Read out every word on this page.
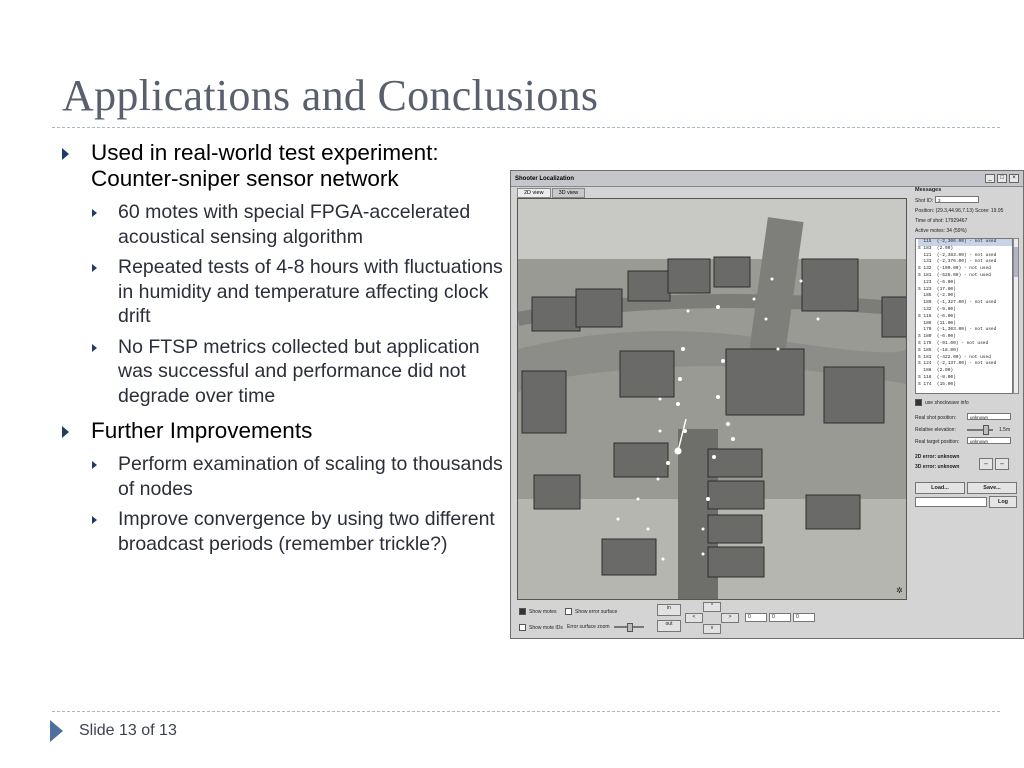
Applications and Conclusions
Used in real-world test experiment: Counter-sniper sensor network
60 motes with special FPGA-accelerated acoustical sensing algorithm
Repeated tests of 4-8 hours with fluctuations in humidity and temperature affecting clock drift
No FTSP metrics collected but application was successful and performance did not degrade over time
Further Improvements
Perform examination of scaling to thousands of nodes
Improve convergence by using two different broadcast periods (remember trickle?)
Shooter Localization	_	□	×
2D view	3D view
✲
Show motes	Show error surface
Show mote IDs Error surface zoom
in
out
^
<	>
v
0	0	0
Messages
Shot ID:	3
Position: (29.3,44.96,7.13) Score: 19.95
Time of shot: 17929467
Active motes: 34 (59%)
115  (-2,306.00) - not used
S 183  (2.00)
121  (-2,383.00) - not used
131  (-2,376.00) - not used
S 132  (-109.00) - not used
S 181  (-526.00) - not used
123  (-6.00)
S 123  (17.00)
185  (-2.00)
189  (-1,327.00) - not used
132  (-9.00)
S 118  (-6.00)
186  (11.00)
170  (-1,303.00) - not used
S 180  (-6.00)
S 175  (-91.00) - not used
S 185  (-18.00)
S 181  (-422.00) - not used
S 124  (-2,137.00) - not used
188  (2.00)
S 118  (-8.00)
S 174  (15.00)
use shockwave info
Real shot position:	unknown
Relative elevation:	1.5m
Real target position:	unknown
2D error: unknown
3D error: unknown	--	--
Load...	Save...
Log
Slide 13 of 13
